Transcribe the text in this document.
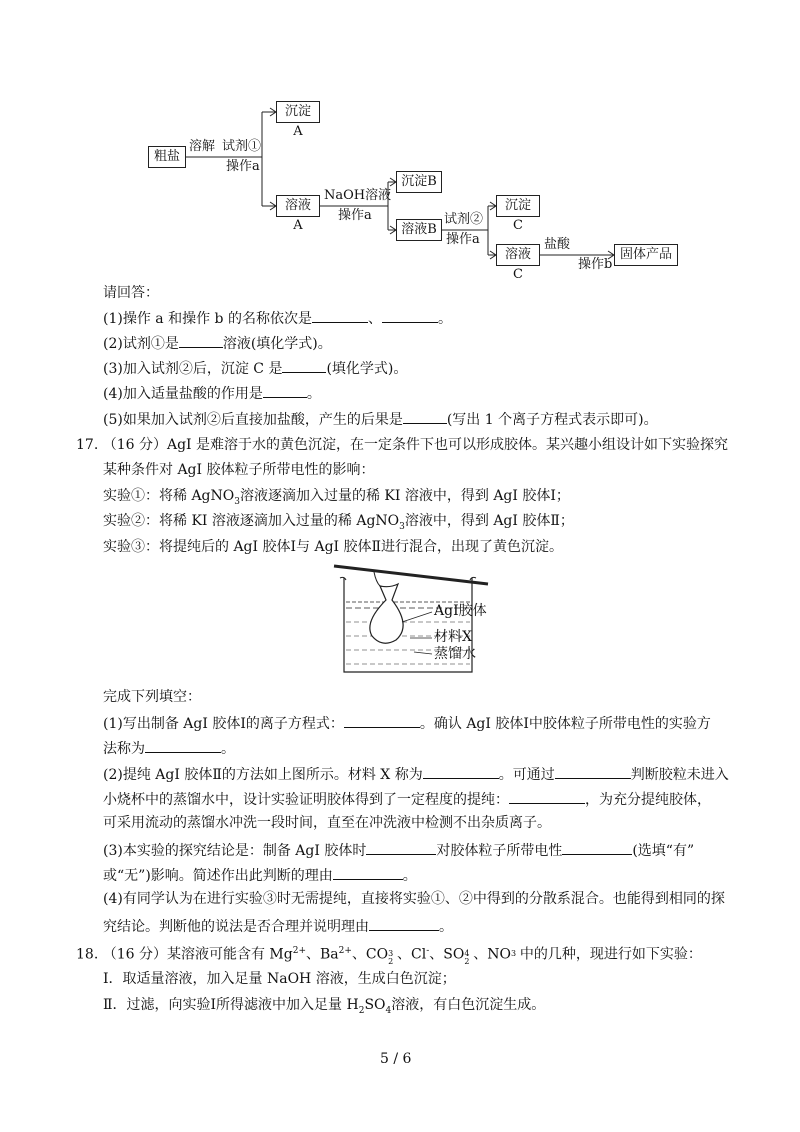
粗盐
沉淀A
溶液A
沉淀B
溶液B
沉淀C
溶液C
固体产品
溶解 试剂①
操作a
NaOH溶液
操作a	试剂②
操作a	盐酸
操作b
请回答：
(1)操作 a 和操作 b 的名称依次是	、	。
(2)试剂①是	溶液(填化学式)。
(3)加入试剂②后，沉淀 C 是	(填化学式)。
(4)加入适量盐酸的作用是	。
(5)如果加入试剂②后直接加盐酸，产生的后果是	(写出 1 个离子方程式表示即可)。
17. （16 分）AgI 是难溶于水的黄色沉淀，在一定条件下也可以形成胶体。某兴趣小组设计如下实验探究
某种条件对 AgI 胶体粒子所带电性的影响：
实验①：将稀 AgNO$_3$溶液逐滴加入过量的稀 KI 溶液中，得到 AgI 胶体Ⅰ；
实验②：将稀 KI 溶液逐滴加入过量的稀 AgNO$_3$溶液中，得到 AgI 胶体Ⅱ；
实验③：将提纯后的 AgI 胶体Ⅰ与 AgI 胶体Ⅱ进行混合，出现了黄色沉淀。
AgI胶体
材料X
蒸馏水
完成下列填空：
(1)写出制备 AgI 胶体Ⅰ的离子方程式：	。确认 AgI 胶体Ⅰ中胶体粒子所带电性的实验方
法称为	。
(2)提纯 AgI 胶体Ⅱ的方法如上图所示。材料 X 称为	。可通过	判断胶粒未进入
小烧杯中的蒸馏水中，设计实验证明胶体得到了一定程度的提纯：	，为充分提纯胶体，
可采用流动的蒸馏水冲洗一段时间，直至在冲洗液中检测不出杂质离子。
(3)本实验的探究结论是：制备 AgI 胶体时	对胶体粒子所带电性	(选填“有”
或“无”)影响。简述作出此判断的理由	。
(4)有同学认为在进行实验③时无需提纯，直接将实验①、②中得到的分散系混合。也能得到相同的探
究结论。判断他的说法是否合理并说明理由	。
18. （16 分）某溶液可能含有 $Mg^{2+}$、$Ba^{2+}$、CO 2
3 、Cl-、SO 2
4 、NO 3 中的几种，现进行如下实验：
Ⅰ．取适量溶液，加入足量 NaOH 溶液，生成白色沉淀；
Ⅱ．过滤，向实验Ⅰ所得滤液中加入足量 $H_2SO_4$溶液，有白色沉淀生成。
5 / 6
